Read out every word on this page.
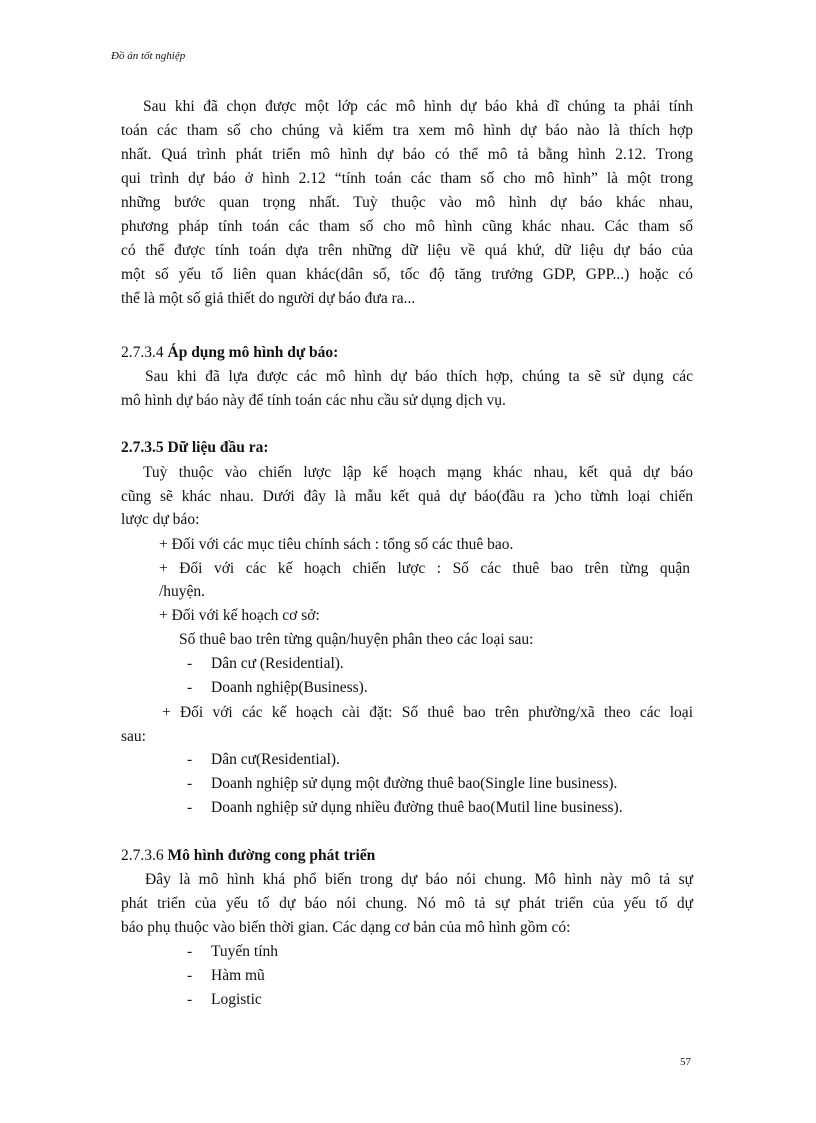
Đồ án tốt nghiệp
Sau khi đã chọn được một lớp các mô hình dự báo khả dĩ chúng ta phải tính
toán các tham số cho chúng và kiểm tra xem mô hình dự báo nào là thích hợp
nhất. Quá trình phát triển mô hình dự báo có thể mô tả bằng hình 2.12. Trong
qui trình dự báo ở hình 2.12 “tính toán các tham số cho mô hình” là một trong
những bước quan trọng nhất. Tuỳ thuộc vào mô hình dự báo khác nhau,
phương pháp tính toán các tham số cho mô hình cũng khác nhau. Các tham số
có thể được tính toán dựa trên những dữ liệu về quá khứ, dữ liệu dự báo của
một số yếu tố liên quan khác(dân số, tốc độ tăng trưởng GDP, GPP...) hoặc có
thể là một số giả thiết do người dự báo đưa ra...
2.7.3.4 Áp dụng mô hình dự báo:
Sau khi đã lựa được các mô hình dự báo thích hợp, chúng ta sẽ sử dụng các
mô hình dự báo này để tính toán các nhu cầu sử dụng dịch vụ.
2.7.3.5 Dữ liệu đầu ra:
Tuỳ thuộc vào chiến lược lập kế hoạch mạng khác nhau, kết quả dự báo
cũng sẽ khác nhau. Dưới đây là mẫu kết quả dự báo(đầu ra )cho từnh loại chiến
lược dự báo:
+ Đối với các mục tiêu chính sách : tổng số các thuê bao.
+ Đối với các kế hoạch chiến lược : Số các thuê bao trên từng quận
/huyện.
+ Đối với kế hoạch cơ sở:
Số thuê bao trên từng quận/huyện phân theo các loại sau:
- Dân cư (Residential).
- Doanh nghiệp(Business).
+ Đối với các kế hoạch cài đặt: Số thuê bao trên phường/xã theo các loại
sau:
- Dân cư(Residential).
- Doanh nghiệp sử dụng một đường thuê bao(Single line business).
- Doanh nghiệp sử dụng nhiều đường thuê bao(Mutil line business).
2.7.3.6 Mô hình đường cong phát triển
Đây là mô hình khá phổ biến trong dự báo nói chung. Mô hình này mô tả sự
phát triển của yếu tố dự báo nói chung. Nó mô tả sự phát triển của yếu tố dự
báo phụ thuộc vào biến thời gian. Các dạng cơ bản của mô hình gồm có:
- Tuyến tính
- Hàm mũ
- Logistic
57
